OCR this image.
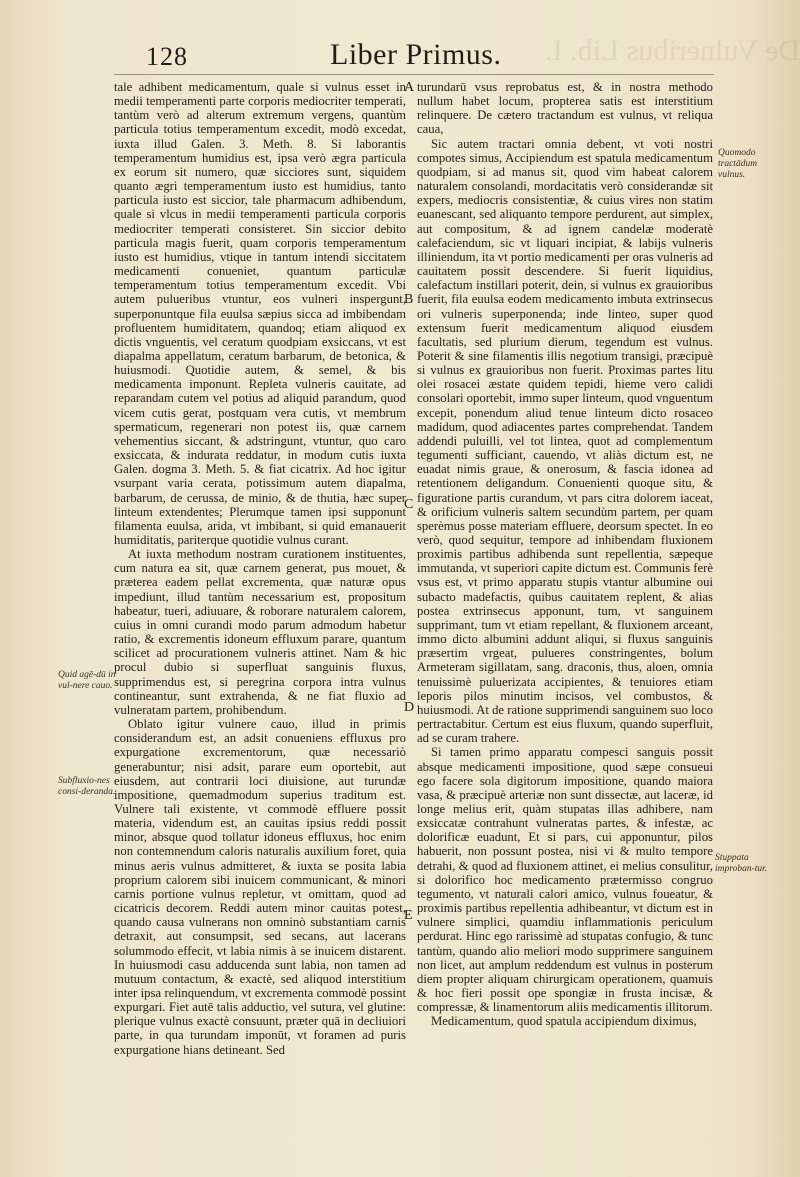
De Vulneribus Lib. I.
128	Liber Primus.

tale adhibent medicamentum, quale si vulnus esset in medii temperamenti parte corporis mediocriter temperati, tantùm verò ad alterum extremum vergens, quantùm particula totius temperamentum excedit, modò excedat, iuxta illud Galen. 3. Meth. 8. Si laborantis temperamentum humidius est, ipsa verò ægra particula ex eorum sit numero, quæ sicciores sunt, siquidem quanto ægri temperamentum iusto est humidius, tanto particula iusto est siccior, tale pharmacum adhibendum, quale si vlcus in medii temperamenti particula corporis mediocriter temperati consisteret. Sin siccior debito particula magis fuerit, quam corporis temperamentum iusto est humidius, vtique in tantum intendi siccitatem medicamenti conueniet, quantum particulæ temperamentum totius temperamentum excedit. Vbi autem pulueribus vtuntur, eos vulneri inspergunt, superponuntque fila euulsa sæpius sicca ad imbibendam profluentem humiditatem, quandoq; etiam aliquod ex dictis vnguentis, vel ceratum quodpiam exsiccans, vt est diapalma appellatum, ceratum barbarum, de betonica, & huiusmodi. Quotidie autem, & semel, & bis medicamenta imponunt. Repleta vulneris cauitate, ad reparandam cutem vel potius ad aliquid parandum, quod vicem cutis gerat, postquam vera cutis, vt membrum spermaticum, regenerari non potest iis, quæ carnem vehementius siccant, & adstringunt, vtuntur, quo caro exsiccata, & indurata reddatur, in modum cutis iuxta Galen. dogma 3. Meth. 5. & fiat cicatrix. Ad hoc igitur vsurpant varia cerata, potissimum autem diapalma, barbarum, de cerussa, de minio, & de thutia, hæc super linteum extendentes; Plerumque tamen ipsi supponunt filamenta euulsa, arida, vt imbibant, si quid emanauerit humiditatis, pariterque quotidie vulnus curant.

At iuxta methodum nostram curationem instituentes, cum natura ea sit, quæ carnem generat, pus mouet, & præterea eadem pellat excrementa, quæ naturæ opus impediunt, illud tantùm necessarium est, propositum habeatur, tueri, adiuuare, & roborare naturalem calorem, cuius in omni curandi modo parum admodum habetur ratio, & excrementis idoneum effluxum parare, quantum scilicet ad procurationem vulneris attinet. Nam & hic procul dubio si superfluat sanguinis fluxus, supprimendus est, si peregrina corpora intra vulnus contineantur, sunt extrahenda, & ne fiat fluxio ad vulneratam partem, prohibendum.

Oblato igitur vulnere cauo, illud in primis considerandum est, an adsit conueniens effluxus pro expurgatione excrementorum, quæ necessariò generabuntur; nisi adsit, parare eum oportebit, aut eiusdem, aut contrarii loci diuisione, aut turundæ impositione, quemadmodum superius traditum est. Vulnere tali existente, vt commodè effluere possit materia, videndum est, an cauitas ipsius reddi possit minor, absque quod tollatur idoneus effluxus, hoc enim non contemnendum caloris naturalis auxilium foret, quia minus aeris vulnus admitteret, & iuxta se posita labia proprium calorem sibi inuicem communicant, & minori carnis portione vulnus repletur, vt omittam, quod ad cicatricis decorem. Reddi autem minor cauitas potest, quando causa vulnerans non omninò substantiam carnis detraxit, aut consumpsit, sed secans, aut lacerans solummodo effecit, vt labia nimis à se inuicem distarent. In huiusmodi casu adducenda sunt labia, non tamen ad mutuum contactum, & exactè, sed aliquod interstitium inter ipsa relinquendum, vt excrementa commodè possint expurgari. Fiet autē talis adductio, vel sutura, vel glutine: plerique vulnus exactè consuunt, præter quā in decliuiori parte, in qua turundam imponūt, vt foramen ad puris expurgatione hians detineant. Sed

turundarū vsus reprobatus est, & in nostra methodo nullum habet locum, propterea satis est interstitium relinquere. De cætero tractandum est vulnus, vt reliqua caua,

Sic autem tractari omnia debent, vt voti nostri compotes simus, Accipiendum est spatula medicamentum quodpiam, si ad manus sit, quod vim habeat calorem naturalem consolandi, mordacitatis verò considerandæ sit expers, mediocris consistentiæ, & cuius vires non statim euanescant, sed aliquanto tempore perdurent, aut simplex, aut compositum, & ad ignem candelæ moderatè calefaciendum, sic vt liquari incipiat, & labijs vulneris illiniendum, ita vt portio medicamenti per oras vulneris ad cauitatem possit descendere. Si fuerit liquidius, calefactum instillari poterit, dein, si vulnus ex grauioribus fuerit, fila euulsa eodem medicamento imbuta extrinsecus ori vulneris superponenda; inde linteo, super quod extensum fuerit medicamentum aliquod eiusdem facultatis, sed plurium dierum, tegendum est vulnus. Poterit & sine filamentis illis negotium transigi, præcipuè si vulnus ex grauioribus non fuerit. Proximas partes litu olei rosacei æstate quidem tepidi, hieme vero calidi consolari oportebit, immo super linteum, quod vnguentum excepit, ponendum aliud tenue linteum dicto rosaceo madidum, quod adiacentes partes comprehendat. Tandem addendi puluilli, vel tot lintea, quot ad complementum tegumenti sufficiant, cauendo, vt aliàs dictum est, ne euadat nimis graue, & onerosum, & fascia idonea ad retentionem deligandum. Conuenienti quoque situ, & figuratione partis curandum, vt pars citra dolorem iaceat, & orificium vulneris saltem secundùm partem, per quam sperèmus posse materiam effluere, deorsum spectet. In eo verò, quod sequitur, tempore ad inhibendam fluxionem proximis partibus adhibenda sunt repellentia, sæpeque immutanda, vt superiori capite dictum est. Communis ferè vsus est, vt primo apparatu stupis vtantur albumine oui subacto madefactis, quibus cauitatem replent, & alias postea extrinsecus apponunt, tum, vt sanguinem supprimant, tum vt etiam repellant, & fluxionem arceant, immo dicto albumini addunt aliqui, si fluxus sanguinis præsertim vrgeat, pulueres constringentes, bolum Armeteram sigillatam, sang. draconis, thus, aloen, omnia tenuissimè puluerizata accipientes, & tenuiores etiam leporis pilos minutim incisos, vel combustos, & huiusmodi. At de ratione supprimendi sanguinem suo loco pertractabitur. Certum est eius fluxum, quando superfluit, ad se curam trahere.

Si tamen primo apparatu compesci sanguis possit absque medicamenti impositione, quod sæpe consueui ego facere sola digitorum impositione, quando maiora vasa, & præcipuè arteriæ non sunt dissectæ, aut laceræ, id longe melius erit, quàm stupatas illas adhibere, nam exsiccatæ contrahunt vulneratas partes, & infestæ, ac dolorificæ euadunt, Et si pars, cui apponuntur, pilos habuerit, non possunt postea, nisi vi & multo tempore detrahi, & quod ad fluxionem attinet, ei melius consulitur, si dolorifico hoc medicamento prætermisso congruo tegumento, vt naturali calori amico, vulnus foueatur, & proximis partibus repellentia adhibeantur, vt dictum est in vulnere simplici, quamdiu inflammationis periculum perdurat. Hinc ego rarissimè ad stupatas confugio, & tunc tantùm, quando alio meliori modo supprimere sanguinem non licet, aut amplum reddendum est vulnus in posterum diem propter aliquam chirurgicam operationem, quamuis & hoc fieri possit ope spongiæ in frusta incisæ, & compressæ, & linamentorum aliis medicamentis illitorum.

Medicamentum, quod spatula accipiendum diximus,

A
B
C
D
E
Quomodo tractādum vulnus.
Quid agē-dū in vul-nere cauo.
Subfluxio-nes consi-deranda.
Stuppata improban-tur.
